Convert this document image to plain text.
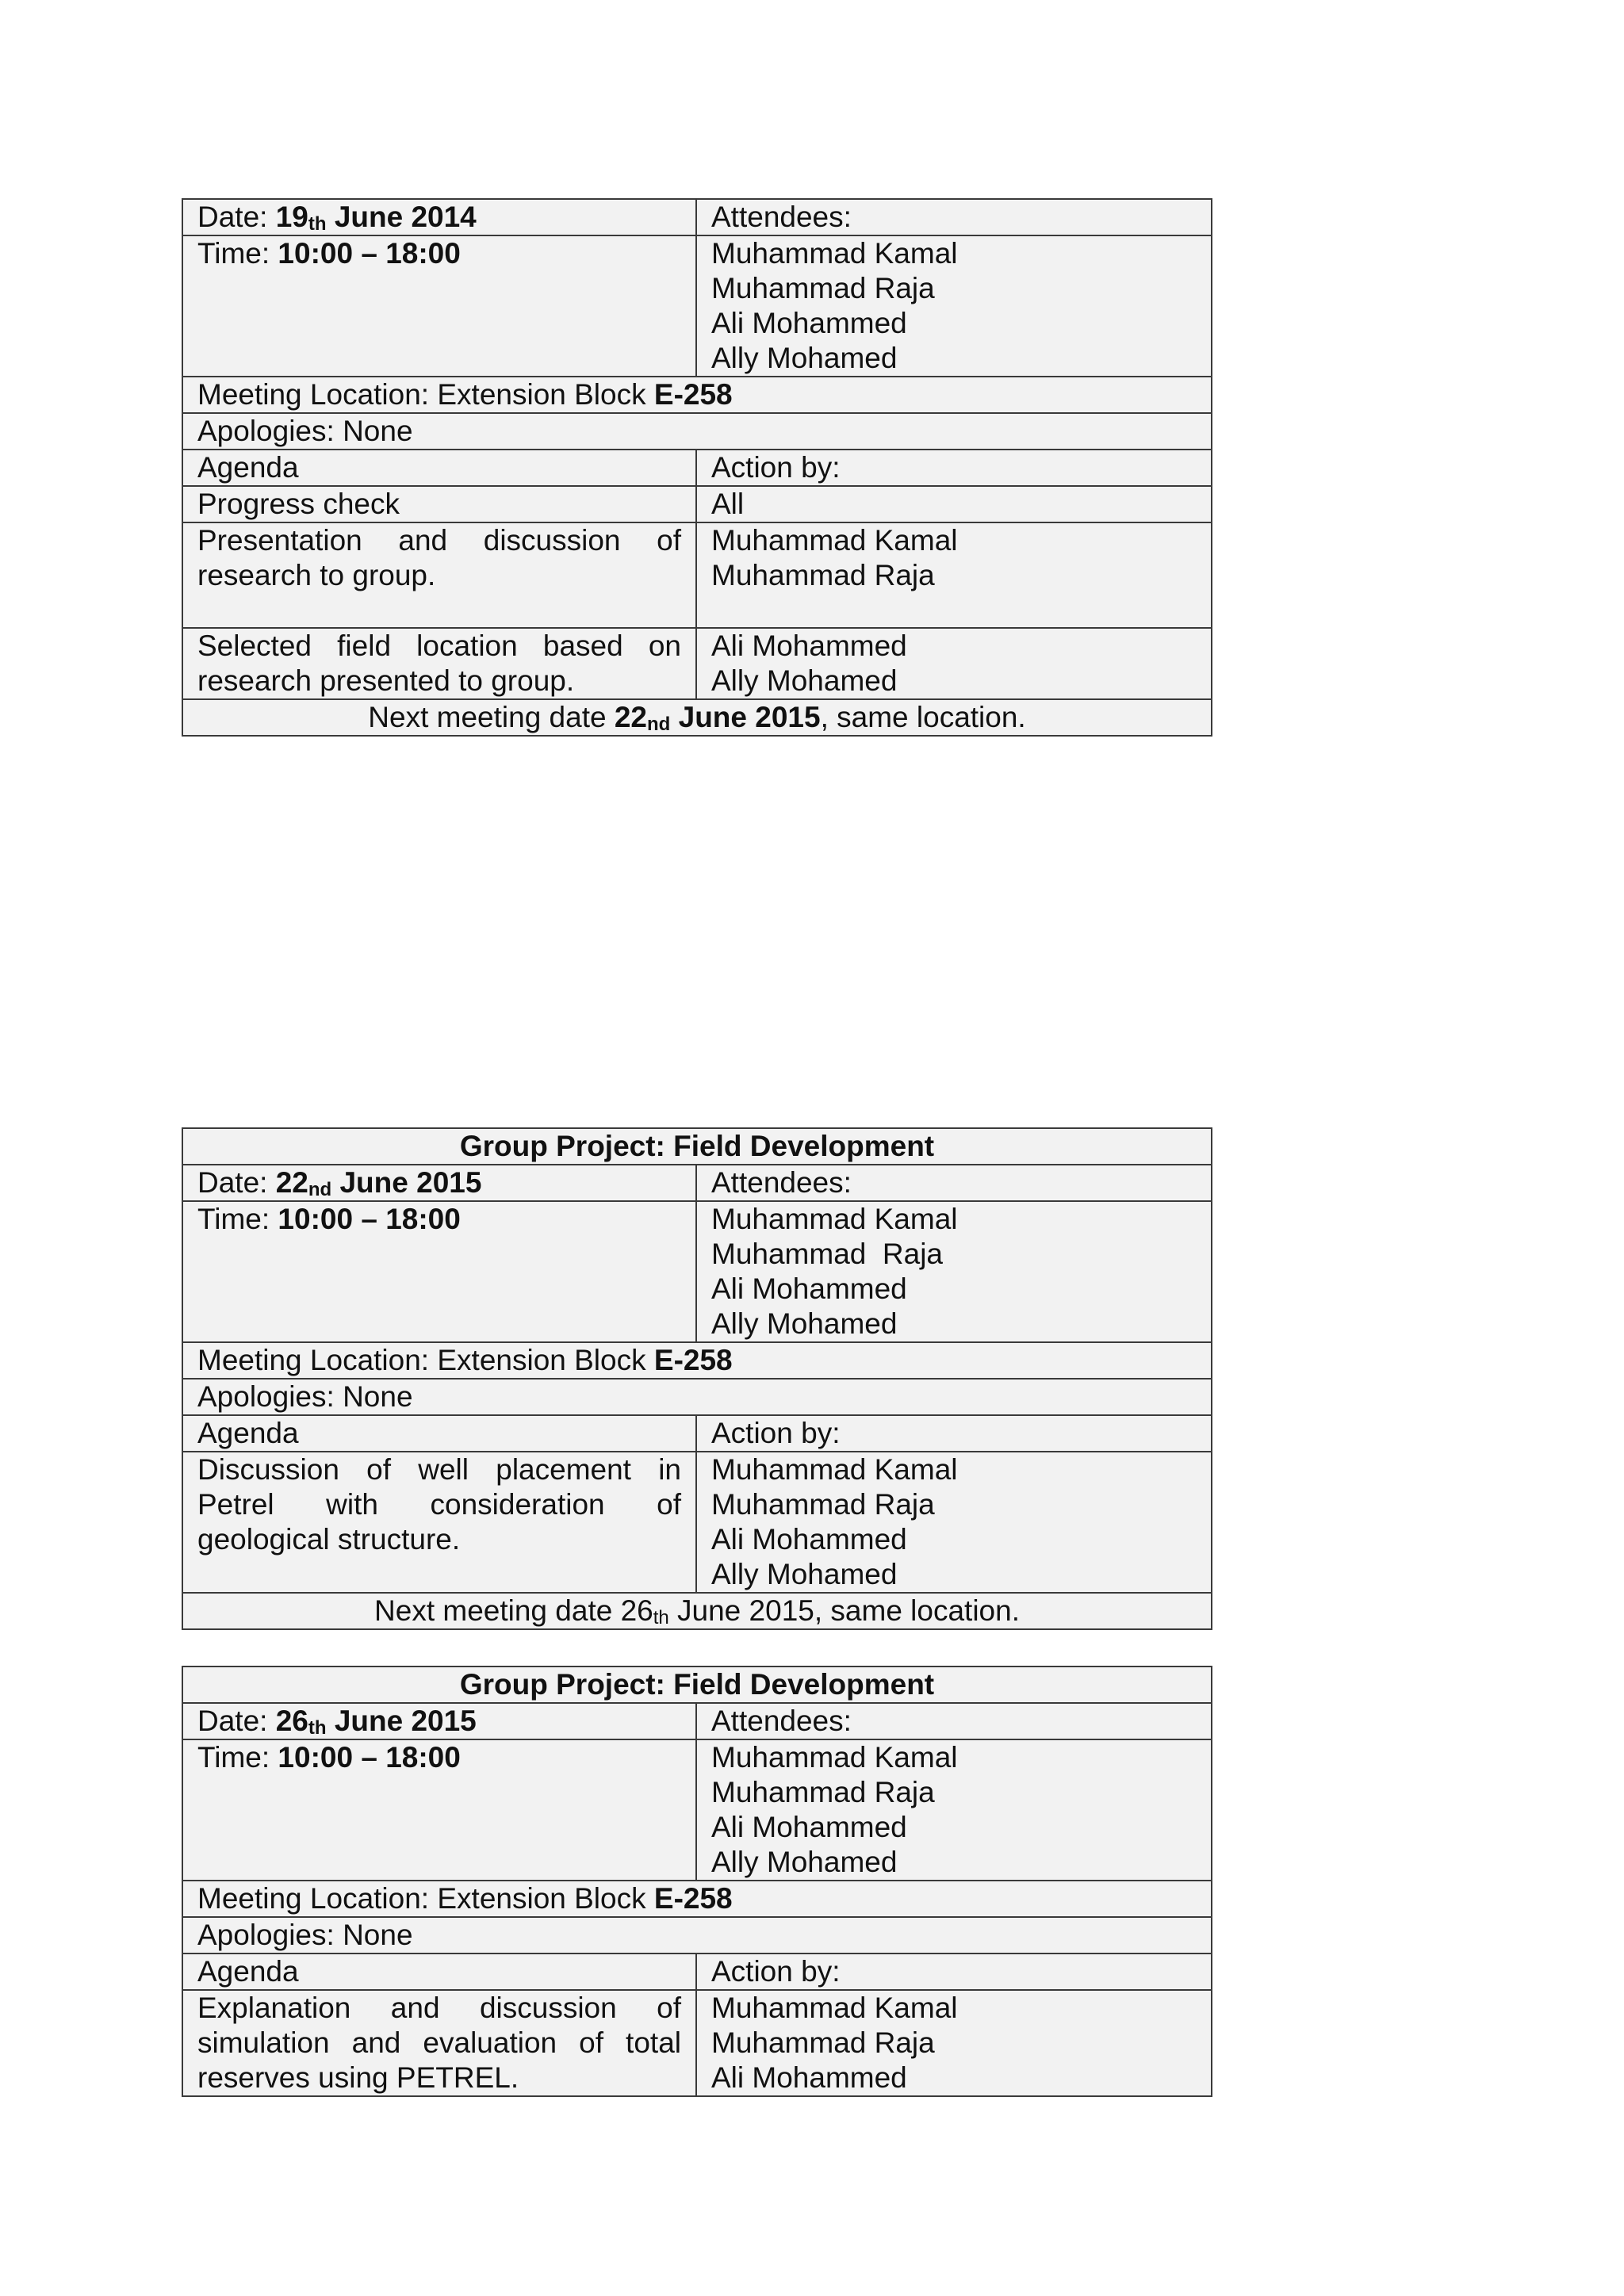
Date: $19_{th}$ June 2014	Attendees:
Time: 10:00 – 18:00	Muhammad Kamal
Muhammad Raja
Ali Mohammed
Ally Mohamed

Meeting Location: Extension Block E-258	
Apologies: None	
Agenda	Action by:
Progress check	All
Presentation and discussion of research to group.	Muhammad Kamal
Muhammad Raja

Selected field location based on research presented to group.	Ali Mohammed
Ally Mohamed

Next meeting date $22_{nd}$ June 2015, same location.	
Group Project: Field Development	
Date: $22_{nd}$ June 2015	Attendees:
Time: 10:00 – 18:00	Muhammad Kamal
Muhammad  Raja
Ali Mohammed
Ally Mohamed

Meeting Location: Extension Block E-258	
Apologies: None	
Agenda	Action by:
Discussion of well placement in Petrel with consideration of geological structure.	Muhammad Kamal
Muhammad Raja
Ali Mohammed
Ally Mohamed

Next meeting date $26_{th}$ June 2015, same location.	
Group Project: Field Development	
Date: $26_{th}$ June 2015	Attendees:
Time: 10:00 – 18:00	Muhammad Kamal
Muhammad Raja
Ali Mohammed
Ally Mohamed

Meeting Location: Extension Block E-258	
Apologies: None	
Agenda	Action by:
Explanation and discussion of simulation and evaluation of total reserves using PETREL.	Muhammad Kamal
Muhammad Raja
Ali Mohammed
